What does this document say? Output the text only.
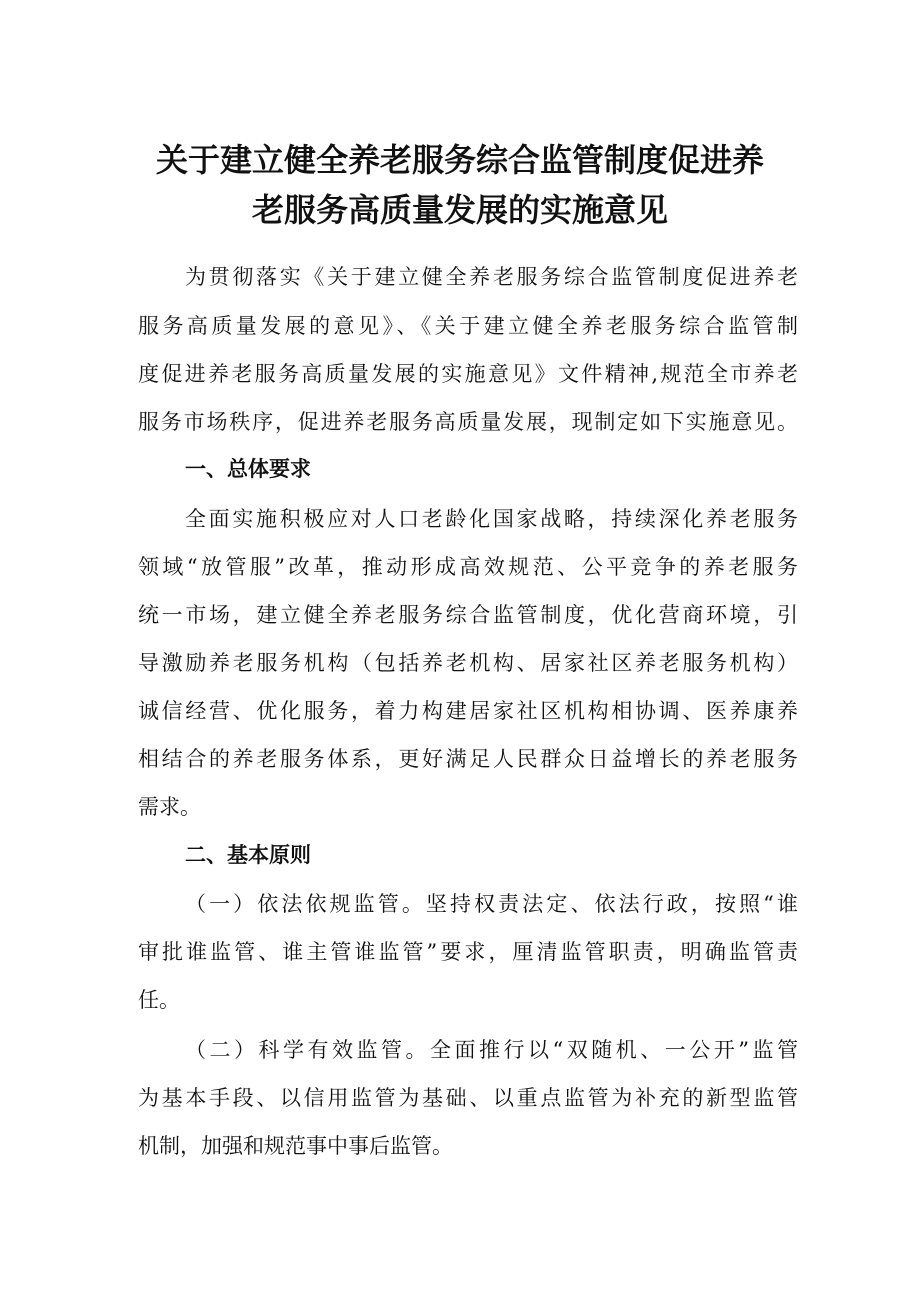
关于建立健全养老服务综合监管制度促进养
老服务高质量发展的实施意见

为贯彻落实《关于建立健全养老服务综合监管制度促进养老

服务高质量发展的意见》、《关于建立健全养老服务综合监管制

度促进养老服务高质量发展的实施意见》文件精神,规范全市养老

服务市场秩序，促进养老服务高质量发展，现制定如下实施意见。

一、总体要求

全面实施积极应对人口老龄化国家战略，持续深化养老服务

领域“放管服”改革，推动形成高效规范、公平竞争的养老服务

统一市场，建立健全养老服务综合监管制度，优化营商环境，引

导激励养老服务机构（包括养老机构、居家社区养老服务机构）

诚信经营、优化服务，着力构建居家社区机构相协调、医养康养

相结合的养老服务体系，更好满足人民群众日益增长的养老服务

需求。

二、基本原则

（一）依法依规监管。坚持权责法定、依法行政，按照“谁

审批谁监管、谁主管谁监管”要求，厘清监管职责，明确监管责

任。

（二）科学有效监管。全面推行以“双随机、一公开”监管

为基本手段、以信用监管为基础、以重点监管为补充的新型监管

机制，加强和规范事中事后监管。
